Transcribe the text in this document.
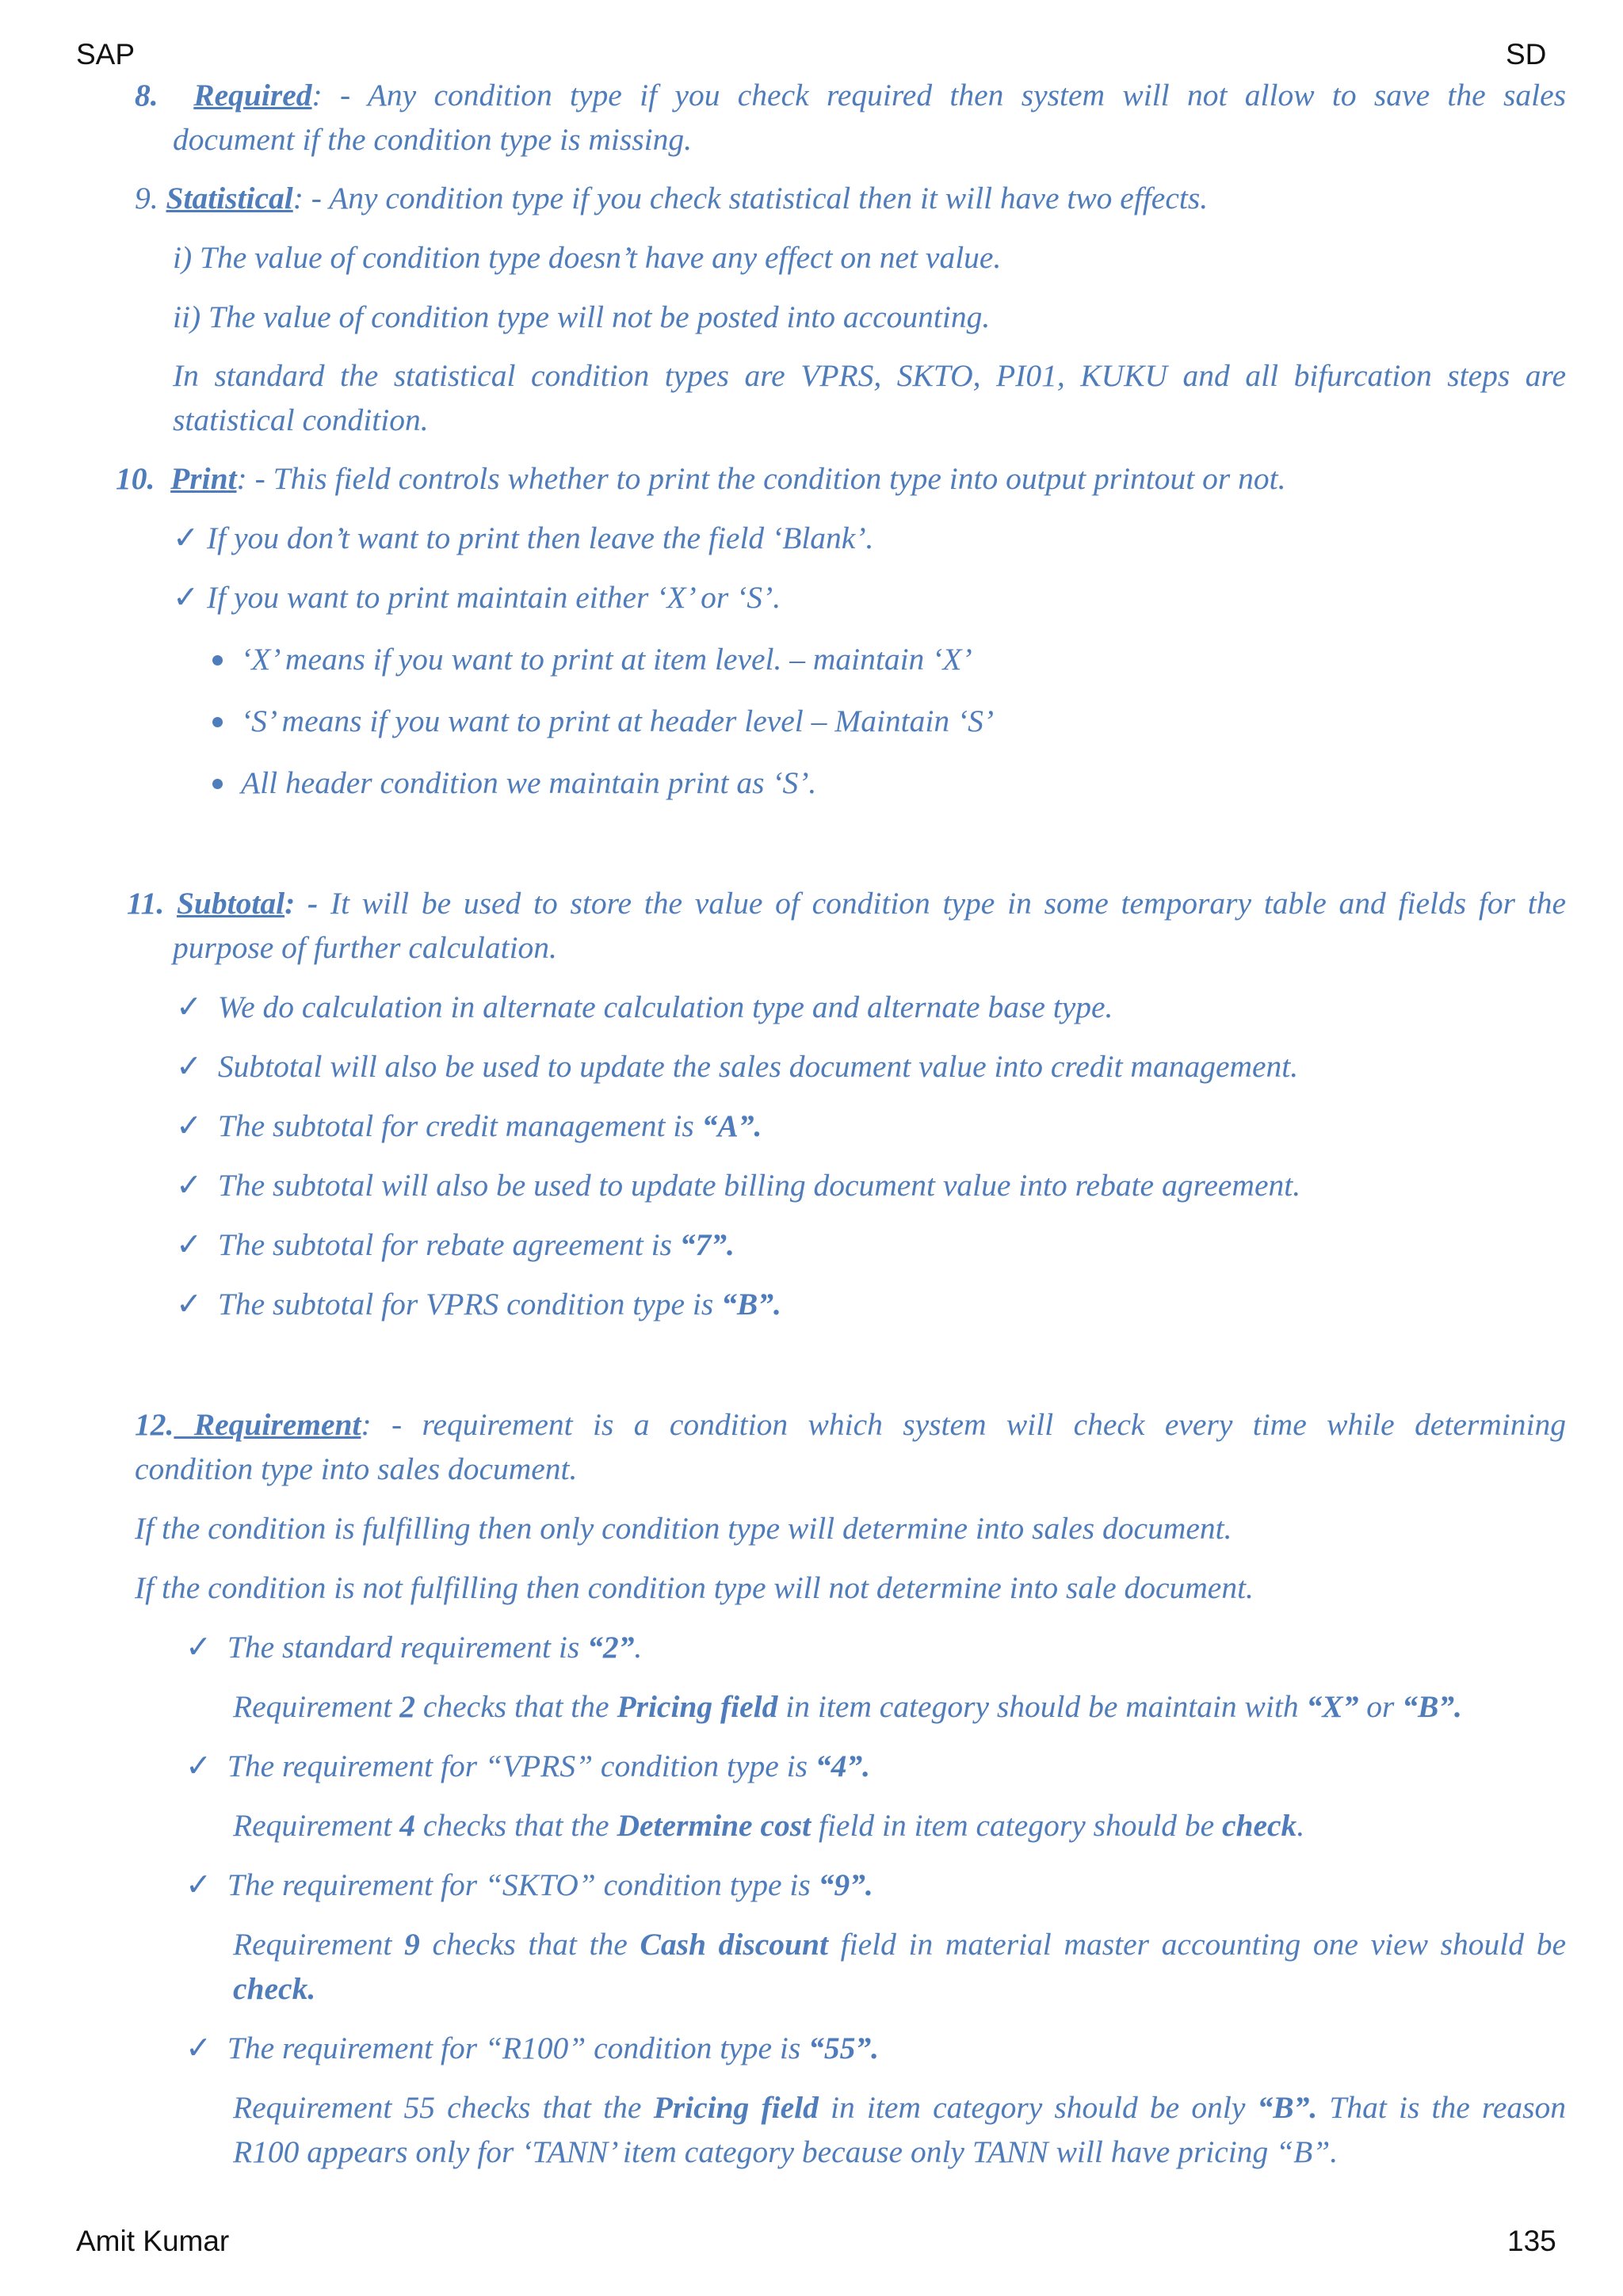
SAP	SD
Amit Kumar	135

8. Required: - Any condition type if you check required then system will not allow to save the sales

document if the condition type is missing.

9. Statistical: - Any condition type if you check statistical then it will have two effects.

i) The value of condition type doesn’t have any effect on net value.

ii) The value of condition type will not be posted into accounting.

In standard the statistical condition types are VPRS, SKTO, PI01, KUKU and all bifurcation steps are

statistical condition.

10. Print: - This field controls whether to print the condition type into output printout or not.

✓ If you don’t want to print then leave the field ‘Blank’.

✓ If you want to print maintain either ‘X’ or ‘S’.

‘X’ means if you want to print at item level. – maintain ‘X’

‘S’ means if you want to print at header level – Maintain ‘S’

All header condition we maintain print as ‘S’.

11. Subtotal: - It will be used to store the value of condition type in some temporary table and fields for the

purpose of further calculation.

✓ We do calculation in alternate calculation type and alternate base type.

✓ Subtotal will also be used to update the sales document value into credit management.

✓ The subtotal for credit management is “A”.

✓ The subtotal will also be used to update billing document value into rebate agreement.

✓ The subtotal for rebate agreement is “7”.

✓ The subtotal for VPRS condition type is “B”.

12. Requirement: - requirement is a condition which system will check every time while determining

condition type into sales document.

If the condition is fulfilling then only condition type will determine into sales document.

If the condition is not fulfilling then condition type will not determine into sale document.

✓ The standard requirement is “2”.

Requirement 2 checks that the Pricing field in item category should be maintain with “X” or “B”.

✓ The requirement for “VPRS” condition type is “4”.

Requirement 4 checks that the Determine cost field in item category should be check.

✓ The requirement for “SKTO” condition type is “9”.

Requirement 9 checks that the Cash discount field in material master accounting one view should be

check.

✓ The requirement for “R100” condition type is “55”.

Requirement 55 checks that the Pricing field in item category should be only “B”. That is the reason

R100 appears only for ‘TANN’ item category because only TANN will have pricing “B”.
